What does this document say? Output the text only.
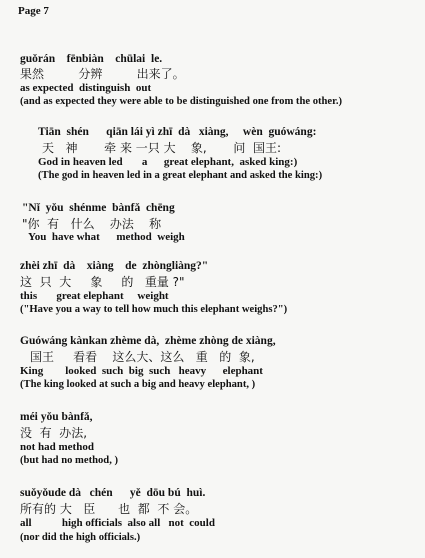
Page 7
guǒrán    fēnbiàn    chūlai  le.
果然         分辨         出来了。
as expected  distinguish  out
(and as expected they were able to be distinguished one from the other.)
Tiān  shén      qiān lái yì zhī  dà   xiàng,     wèn  guówáng:
天   神       牵 来 一只 大    象,       问  国王:
God in heaven led       a      great elephant,  asked king:)
(The god in heaven led in a great elephant and asked the king:)
"Nǐ  yǒu  shénme  bànfǎ  chēng
"你  有   什么    办法    称
You  have what      method  weigh
zhèi zhī  dà    xiàng    de  zhòngliàng?"
这  只  大     象     的   重量 ?"
this       great elephant     weight
("Have you a way to tell how much this elephant weighs?")
Guówáng kànkan zhème dà,  zhème zhòng de xiàng,
国王     看看    这么大、这么   重   的  象,
King        looked  such  big  such   heavy      elephant
(The king looked at such a big and heavy elephant, )
méi yǒu bànfǎ,
没  有  办法,
not had method
(but had no method, )
suǒyǒude dà   chén      yě  dōu bú  huì.
所有的 大   臣      也  都  不 会。
all           high officials  also all   not  could
(nor did the high officials.)
